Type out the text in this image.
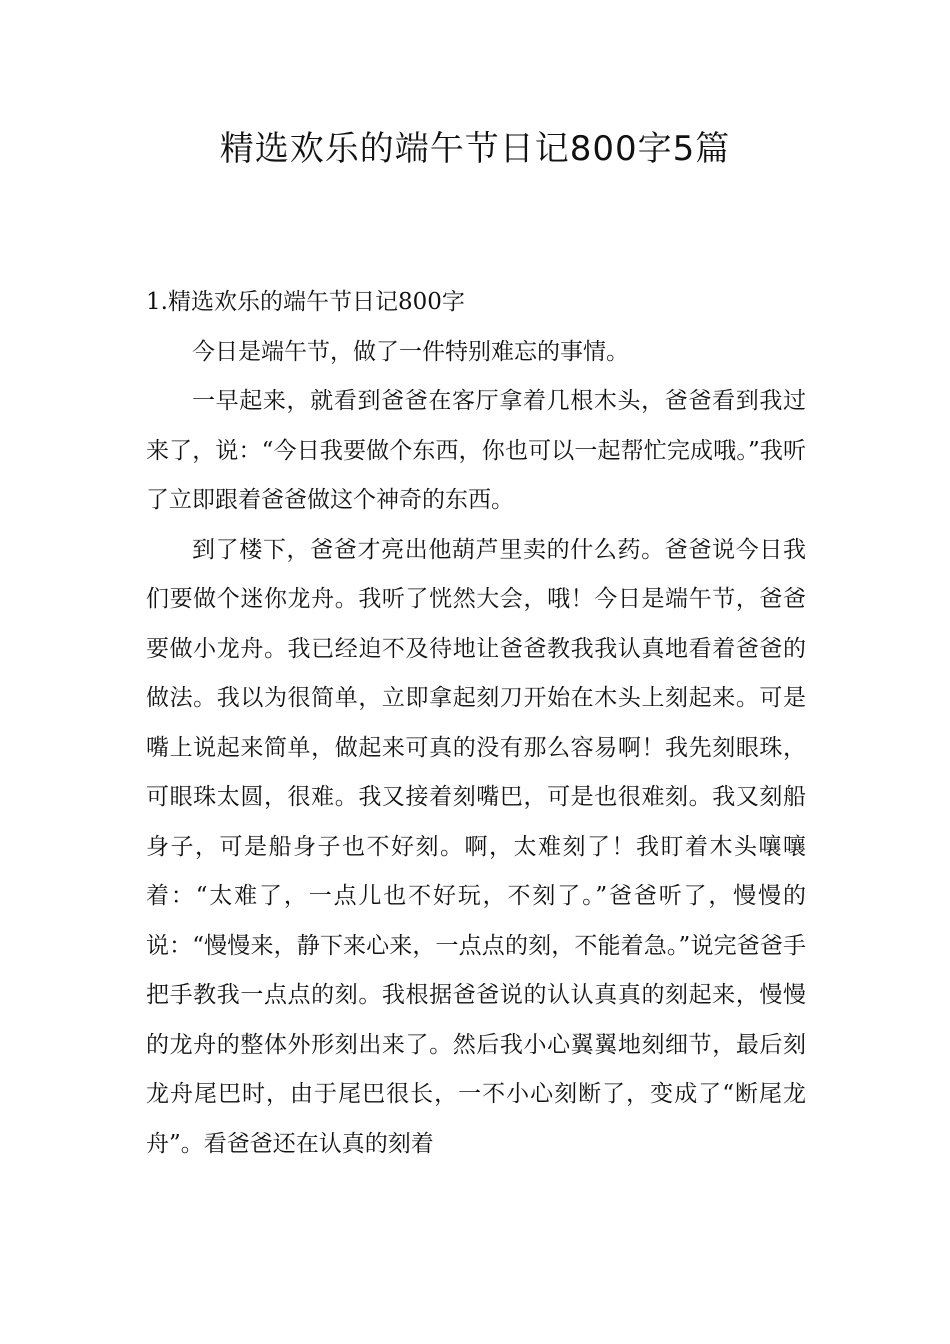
精选欢乐的端午节日记800字5篇

1.精选欢乐的端午节日记800字

今日是端午节，做了一件特别难忘的事情。

一早起来，就看到爸爸在客厅拿着几根木头，爸爸看到我过来了，说：“今日我要做个东西，你也可以一起帮忙完成哦。”我听了立即跟着爸爸做这个神奇的东西。

到了楼下，爸爸才亮出他葫芦里卖的什么药。爸爸说今日我们要做个迷你龙舟。我听了恍然大会，哦！今日是端午节，爸爸要做小龙舟。我已经迫不及待地让爸爸教我我认真地看着爸爸的做法。我以为很简单，立即拿起刻刀开始在木头上刻起来。可是嘴上说起来简单，做起来可真的没有那么容易啊！我先刻眼珠，可眼珠太圆，很难。我又接着刻嘴巴，可是也很难刻。我又刻船身子，可是船身子也不好刻。啊，太难刻了！我盯着木头嚷嚷着：“太难了，一点儿也不好玩，不刻了。”爸爸听了，慢慢的说：“慢慢来，静下来心来，一点点的刻，不能着急。”说完爸爸手把手教我一点点的刻。我根据爸爸说的认认真真的刻起来，慢慢的龙舟的整体外形刻出来了。然后我小心翼翼地刻细节，最后刻龙舟尾巴时，由于尾巴很长，一不小心刻断了，变成了“断尾龙舟”。看爸爸还在认真的刻着
